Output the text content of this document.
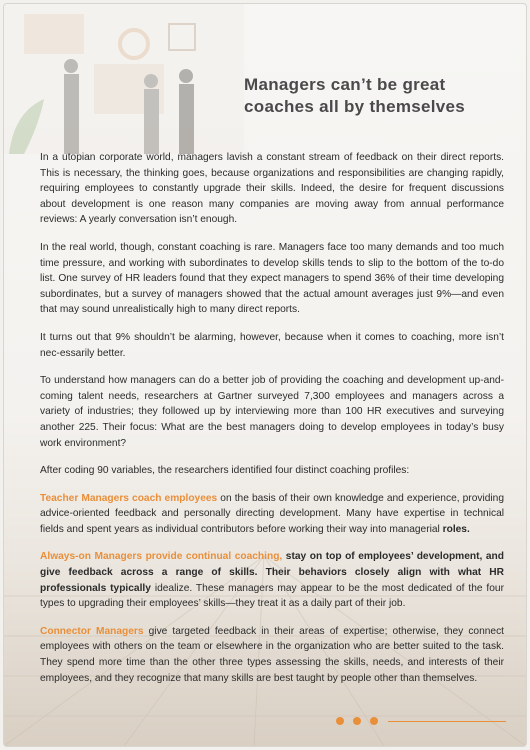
Managers can’t be great
coaches all by themselves

In a utopian corporate world, managers lavish a constant stream of feedback on their direct reports. This is necessary, the thinking goes, because organizations and responsibilities are changing rapidly, requiring employees to constantly upgrade their skills. Indeed, the desire for frequent discussions about development is one reason many companies are moving away from annual performance reviews: A yearly conversation isn’t enough.

In the real world, though, constant coaching is rare. Managers face too many demands and too much time pressure, and working with subordinates to develop skills tends to slip to the bottom of the to-do list. One survey of HR leaders found that they expect managers to spend 36% of their time developing subordinates, but a survey of managers showed that the actual amount averages just 9%—and even that may sound unrealistically high to many direct reports.

It turns out that 9% shouldn’t be alarming, however, because when it comes to coaching, more isn’t nec-essarily better.

To understand how managers can do a better job of providing the coaching and development up-and-coming talent needs, researchers at Gartner surveyed 7,300 employees and managers across a variety of industries; they followed up by interviewing more than 100 HR executives and surveying another 225. Their focus: What are the best managers doing to develop employees in today’s busy work environment?

After coding 90 variables, the researchers identified four distinct coaching profiles:

Teacher Managers coach employees on the basis of their own knowledge and experience, providing advice-oriented feedback and personally directing development. Many have expertise in technical fields and spent years as individual contributors before working their way into managerial roles.

Always-on Managers provide continual coaching, stay on top of employees’ development, and give feedback across a range of skills. Their behaviors closely align with what HR professionals typically idealize. These managers may appear to be the most dedicated of the four types to upgrading their employees’ skills—they treat it as a daily part of their job.

Connector Managers give targeted feedback in their areas of expertise; otherwise, they connect employees with others on the team or elsewhere in the organization who are better suited to the task. They spend more time than the other three types assessing the skills, needs, and interests of their employees, and they recognize that many skills are best taught by people other than themselves.
